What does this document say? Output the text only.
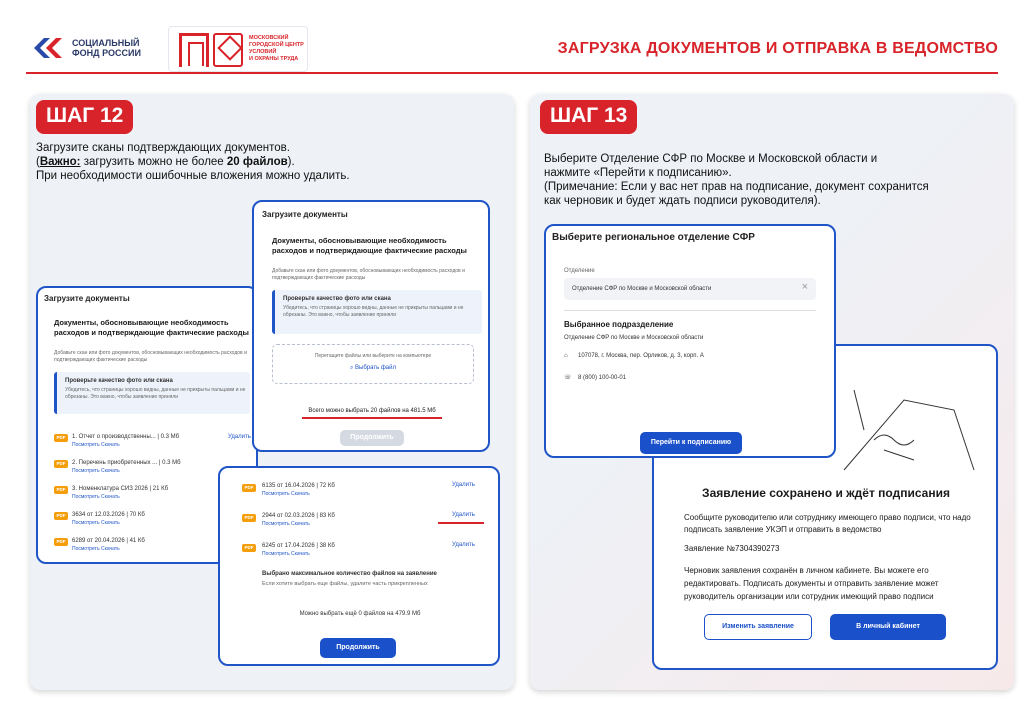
СОЦИАЛЬНЫЙ
ФОНД РОССИИ
МОСКОВСКИЙ
ГОРОДСКОЙ ЦЕНТР
УСЛОВИЙ
И ОХРАНЫ ТРУДА
ЗАГРУЗКА ДОКУМЕНТОВ И ОТПРАВКА В ВЕДОМСТВО
ШАГ 12
Загрузите сканы подтверждающих документов.
(Важно: загрузить можно не более 20 файлов).
При необходимости ошибочные вложения можно удалить.
Загрузите документы
Документы, обосновывающие необходимость расходов и подтверждающие фактические расходы
Добавьте скан или фото документов, обосновывающих необходимость расходов и подтверждающих фактические расходы
Проверьте качество фото или скана
Убедитесь, что страницы хорошо видны, данные не прикрыты пальцами и не обрезаны. Это важно, чтобы заявление приняли
PDF	1. Отчет о производственны... | 0.3 Мб
Посмотреть Скачать
Удалить
PDF	2. Перечень приобретенных ... | 0.3 Мб
Посмотреть Скачать
PDF	3. Номенклатура СИЗ 2026 | 21 Кб
Посмотреть Скачать
PDF	3634 от 12.03.2026 | 70 Кб
Посмотреть Скачать
PDF	6289 от 20.04.2026 | 41 Кб
Посмотреть Скачать
Загрузите документы
Документы, обосновывающие необходимость расходов и подтверждающие фактические расходы
Добавьте скан или фото документов, обосновывающих необходимость расходов и подтверждающих фактические расходы
Проверьте качество фото или скана
Убедитесь, что страницы хорошо видны, данные не прикрыты пальцами и не обрезаны. Это важно, чтобы заявление приняли
Перетащите файлы или выберите на компьютере
⌕ Выбрать файл
Всего можно выбрать 20 файлов на 481.5 Мб
Продолжить
PDF	6135 от 16.04.2026 | 72 Кб
Посмотреть Скачать
Удалить
PDF	2944 от 02.03.2026 | 83 Кб
Посмотреть Скачать
Удалить
PDF	6245 от 17.04.2026 | 38 Кб
Посмотреть Скачать
Удалить
Выбрано максимальное количество файлов на заявление
Если хотите выбрать еще файлы, удалите часть прикрепленных
Можно выбрать ещё 0 файлов на 479.9 Мб
Продолжить
ШАГ 13
Выберите Отделение СФР по Москве и Московской области и
нажмите «Перейти к подписанию».
(Примечание: Если у вас нет прав на подписание, документ сохранится
как черновик и будет ждать подписи руководителя).
Заявление сохранено и ждёт подписания
Сообщите руководителю или сотруднику имеющего право подписи, что надо подписать заявление УКЭП и отправить в ведомство
Заявление №7304390273
Черновик заявления сохранён в личном кабинете. Вы можете его редактировать. Подписать документы и отправить заявление может руководитель организации или сотрудник имеющий право подписи
Изменить заявление	В личный кабинет
Выберите региональное отделение СФР
Отделение
Отделение СФР по Москве и Московской области	×
Выбранное подразделение
Отделение СФР по Москве и Московской области
⌂ 107078, г. Москва, пер. Орликов, д. 3, корп. А
☏ 8 (800) 100-00-01
Перейти к подписанию
